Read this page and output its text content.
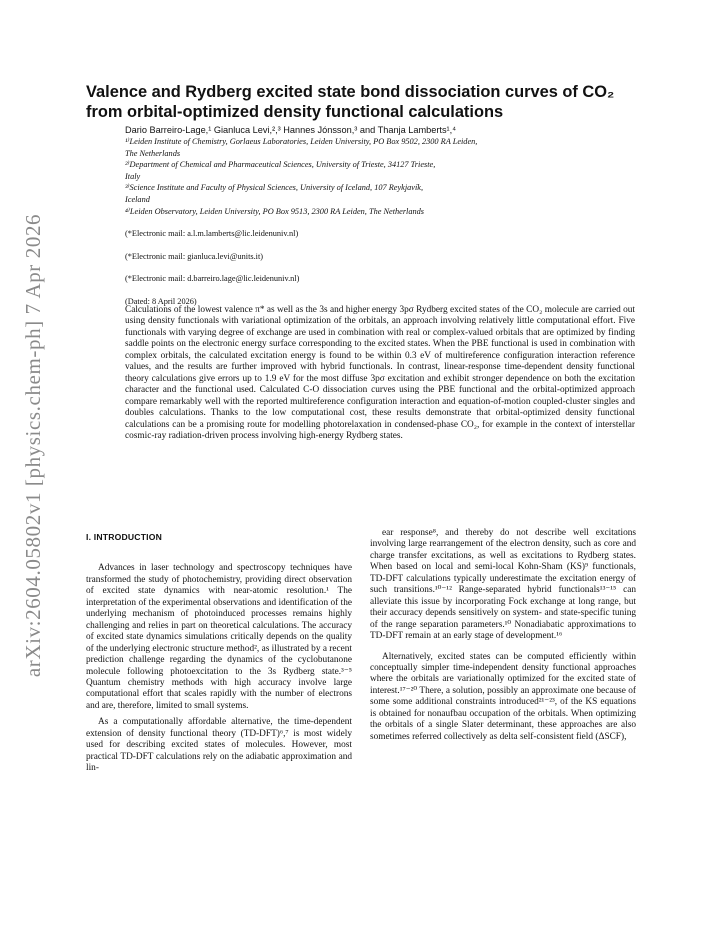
arXiv:2604.05802v1 [physics.chem-ph] 7 Apr 2026
Valence and Rydberg excited state bond dissociation curves of CO₂
from orbital-optimized density functional calculations
Dario Barreiro-Lage,¹ Gianluca Levi,²,³ Hannes Jónsson,³ and Thanja Lamberts¹,⁴
¹⁾Leiden Institute of Chemistry, Gorlaeus Laboratories, Leiden University, PO Box 9502, 2300 RA Leiden,
The Netherlands
²⁾Department of Chemical and Pharmaceutical Sciences, University of Trieste, 34127 Trieste,
Italy
³⁾Science Institute and Faculty of Physical Sciences, University of Iceland, 107 Reykjavík,
Iceland
⁴⁾Leiden Observatory, Leiden University, PO Box 9513, 2300 RA Leiden, The Netherlands
(*Electronic mail: a.l.m.lamberts@lic.leidenuniv.nl)
(*Electronic mail: gianluca.levi@units.it)
(*Electronic mail: d.barreiro.lage@lic.leidenuniv.nl)
(Dated: 8 April 2026)
Calculations of the lowest valence π* as well as the 3s and higher energy 3pσ Rydberg excited states of the CO₂ molecule are carried out using density functionals with variational optimization of the orbitals, an approach involving relatively little computational effort. Five functionals with varying degree of exchange are used in combination with real or complex-valued orbitals that are optimized by finding saddle points on the electronic energy surface corresponding to the excited states. When the PBE functional is used in combination with complex orbitals, the calculated excitation energy is found to be within 0.3 eV of multireference configuration interaction reference values, and the results are further improved with hybrid functionals. In contrast, linear-response time-dependent density functional theory calculations give errors up to 1.9 eV for the most diffuse 3pσ excitation and exhibit stronger dependence on both the excitation character and the functional used. Calculated C-O dissociation curves using the PBE functional and the orbital-optimized approach compare remarkably well with the reported multireference configuration interaction and equation-of-motion coupled-cluster singles and doubles calculations. Thanks to the low computational cost, these results demonstrate that orbital-optimized density functional calculations can be a promising route for modelling photorelaxation in condensed-phase CO₂, for example in the context of interstellar cosmic-ray radiation-driven process involving high-energy Rydberg states.
I. INTRODUCTION

Advances in laser technology and spectroscopy techniques have transformed the study of photochemistry, providing direct observation of excited state dynamics with near-atomic resolution.¹ The interpretation of the experimental observations and identification of the underlying mechanism of photoinduced processes remains highly challenging and relies in part on theoretical calculations. The accuracy of excited state dynamics simulations critically depends on the quality of the underlying electronic structure method², as illustrated by a recent prediction challenge regarding the dynamics of the cyclobutanone molecule following photoexcitation to the 3s Rydberg state.³⁻⁵ Quantum chemistry methods with high accuracy involve large computational effort that scales rapidly with the number of electrons and are, therefore, limited to small systems.

As a computationally affordable alternative, the time-dependent extension of density functional theory (TD-DFT)⁶,⁷ is most widely used for describing excited states of molecules. However, most practical TD-DFT calculations rely on the adiabatic approximation and lin-

ear response⁸, and thereby do not describe well excitations involving large rearrangement of the electron density, such as core and charge transfer excitations, as well as excitations to Rydberg states. When based on local and semi-local Kohn-Sham (KS)⁹ functionals, TD-DFT calculations typically underestimate the excitation energy of such transitions.¹⁰⁻¹² Range-separated hybrid functionals¹³⁻¹⁵ can alleviate this issue by incorporating Fock exchange at long range, but their accuracy depends sensitively on system- and state-specific tuning of the range separation parameters.¹⁰ Nonadiabatic approximations to TD-DFT remain at an early stage of development.¹⁶

Alternatively, excited states can be computed efficiently within conceptually simpler time-independent density functional approaches where the orbitals are variationally optimized for the excited state of interest.¹⁷⁻²⁰ There, a solution, possibly an approximate one because of some some additional constraints introduced²¹⁻²³, of the KS equations is obtained for nonaufbau occupation of the orbitals. When optimizing the orbitals of a single Slater determinant, these approaches are also sometimes referred collectively as delta self-consistent field (ΔSCF),
